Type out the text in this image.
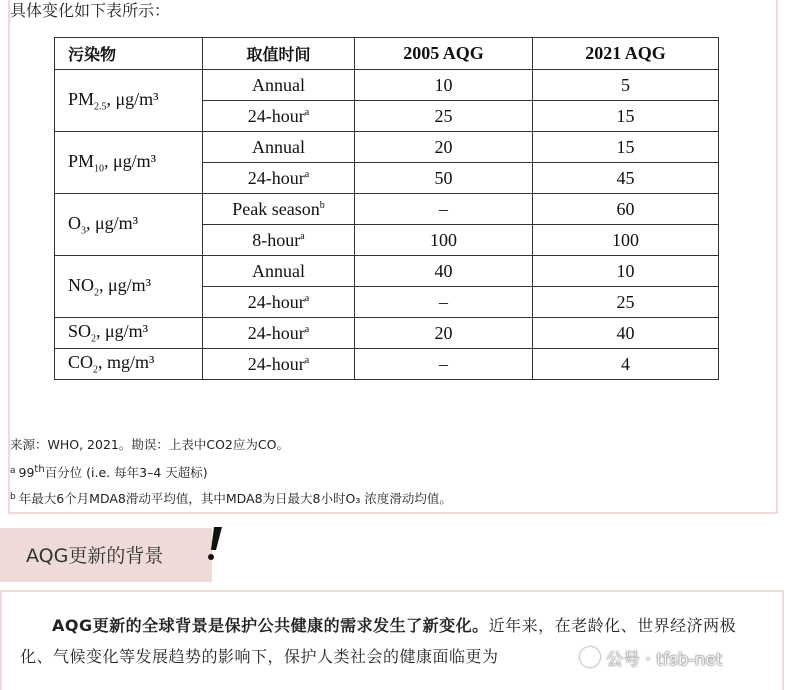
具体变化如下表所示：
污染物	取值时间	2005 AQG	2021 AQG
$PM_{2.5}$, μg/m³	Annual	10	5
	24-hour$^a$	25	15
$PM_{10}$, μg/m³	Annual	20	15
	24-hour$^a$	50	45
$O_3$, μg/m³	Peak season$^b$	–	60
	8-hour$^a$	100	100
$NO_2$, μg/m³	Annual	40	10
	24-hour$^a$	–	25
$SO_2$, μg/m³	24-hour$^a$	20	40
$CO_2$, mg/m³	24-hour$^a$	–	4
来源：WHO, 2021。勘误：上表中CO2应为CO。
$^a$ 99th百分位 (i.e. 每年3–4 天超标)
$^b$ 年最大6个月MDA8滑动平均值，其中MDA8为日最大8小时O₃ 浓度滑动均值。
AQG更新的背景
AQG更新的全球背景是保护公共健康的需求发生了新变化。近年来，在老龄化、世界经济两极化、气候变化等发展趋势的影响下，保护人类社会的健康面临更为	公号 · tfsb-net
